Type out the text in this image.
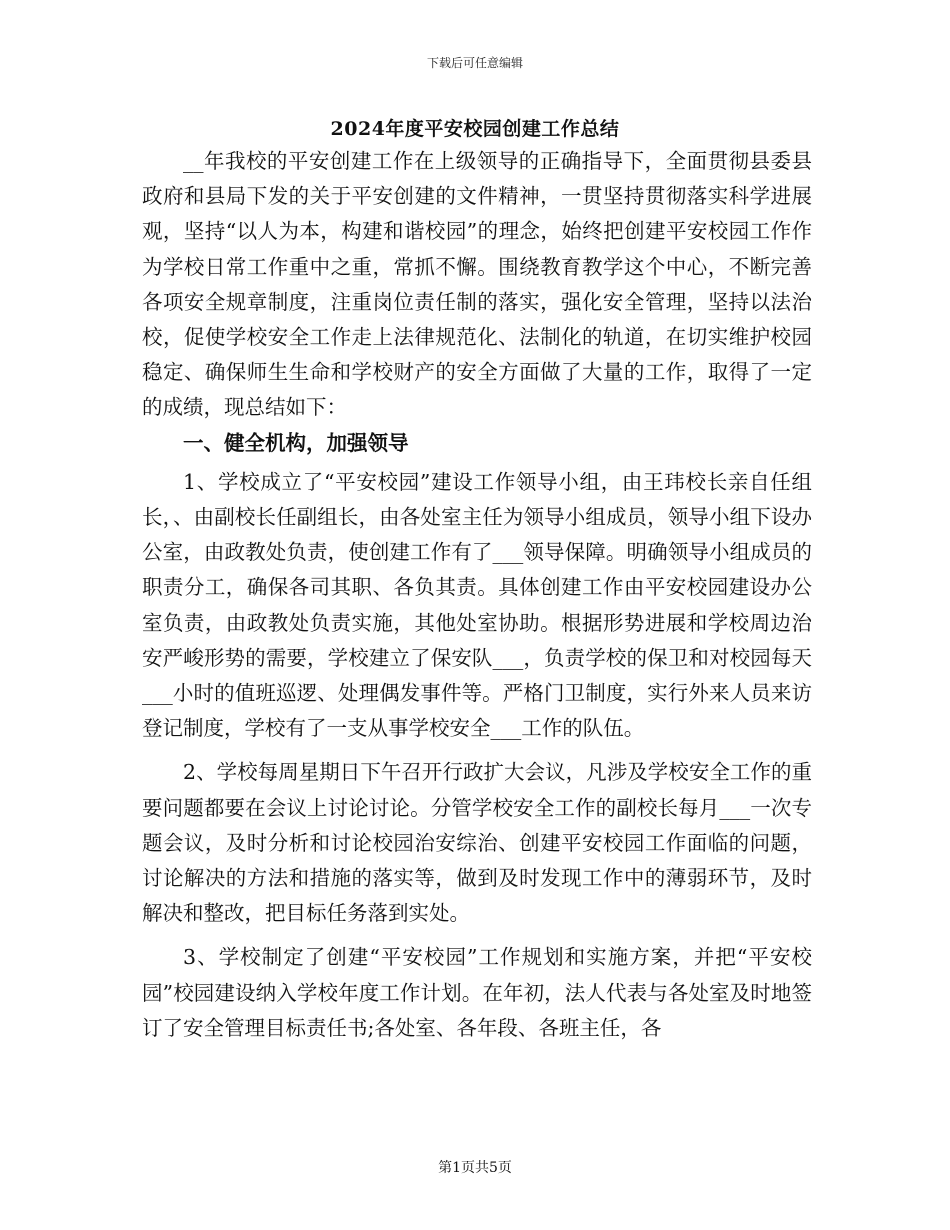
下载后可任意编辑
2024年度平安校园创建工作总结

__年我校的平安创建工作在上级领导的正确指导下，全面贯彻县委县政府和县局下发的关于平安创建的文件精神，一贯坚持贯彻落实科学进展观，坚持“以人为本，构建和谐校园”的理念，始终把创建平安校园工作作为学校日常工作重中之重，常抓不懈。围绕教育教学这个中心，不断完善各项安全规章制度，注重岗位责任制的落实，强化安全管理，坚持以法治校，促使学校安全工作走上法律规范化、法制化的轨道，在切实维护校园稳定、确保师生生命和学校财产的安全方面做了大量的工作，取得了一定的成绩，现总结如下：

一、健全机构，加强领导

1、学校成立了“平安校园”建设工作领导小组，由王玮校长亲自任组长，、由副校长任副组长，由各处室主任为领导小组成员，领导小组下设办公室，由政教处负责，使创建工作有了___领导保障。明确领导小组成员的职责分工，确保各司其职、各负其责。具体创建工作由平安校园建设办公室负责，由政教处负责实施，其他处室协助。根据形势进展和学校周边治安严峻形势的需要，学校建立了保安队___，负责学校的保卫和对校园每天___小时的值班巡逻、处理偶发事件等。严格门卫制度，实行外来人员来访登记制度，学校有了一支从事学校安全___工作的队伍。

2、学校每周星期日下午召开行政扩大会议，凡涉及学校安全工作的重要问题都要在会议上讨论讨论。分管学校安全工作的副校长每月___一次专题会议，及时分析和讨论校园治安综治、创建平安校园工作面临的问题，讨论解决的方法和措施的落实等，做到及时发现工作中的薄弱环节，及时解决和整改，把目标任务落到实处。

3、学校制定了创建“平安校园”工作规划和实施方案，并把“平安校园”校园建设纳入学校年度工作计划。在年初，法人代表与各处室及时地签订了安全管理目标责任书;各处室、各年段、各班主任，各

第1页共5页
